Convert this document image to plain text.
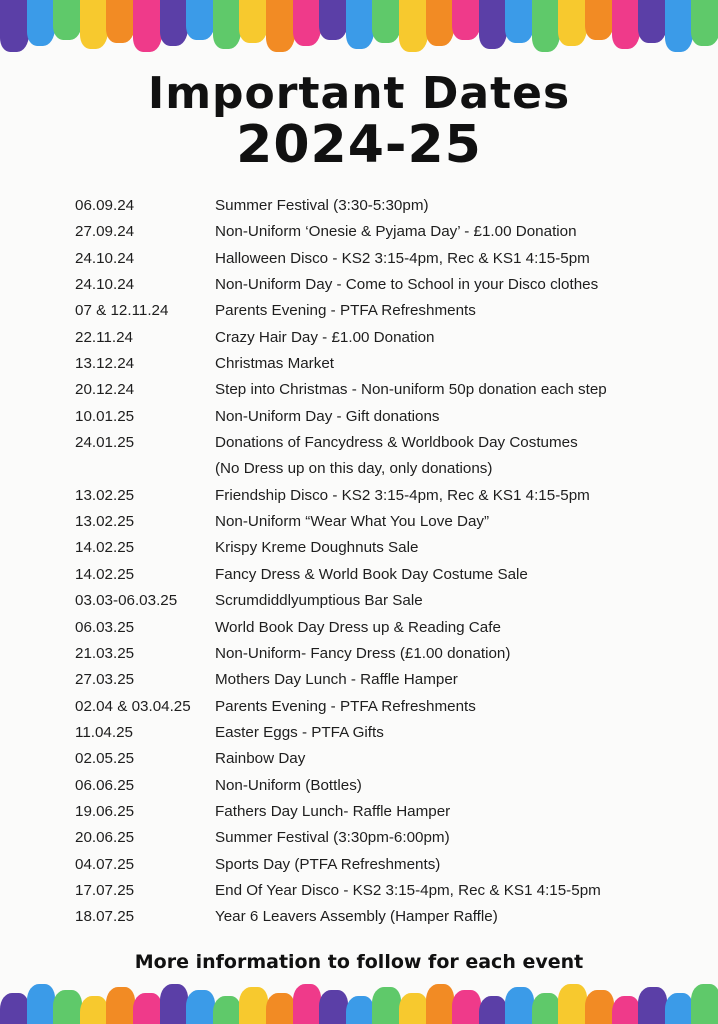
Important Dates
2024-25
06.09.24	Summer Festival (3:30-5:30pm)
27.09.24	Non-Uniform ‘Onesie & Pyjama Day’ - £1.00 Donation
24.10.24	Halloween Disco - KS2 3:15-4pm, Rec & KS1 4:15-5pm
24.10.24	Non-Uniform Day - Come to School in your Disco clothes
07 & 12.11.24	Parents Evening - PTFA Refreshments
22.11.24	Crazy Hair Day - £1.00 Donation
13.12.24	Christmas Market
20.12.24	Step into Christmas - Non-uniform 50p donation each step
10.01.25	Non-Uniform Day - Gift donations
24.01.25	Donations of Fancydress & Worldbook Day Costumes
(No Dress up on this day, only donations)
13.02.25	Friendship Disco - KS2 3:15-4pm, Rec & KS1 4:15-5pm
13.02.25	Non-Uniform “Wear What You Love Day”
14.02.25	Krispy Kreme Doughnuts Sale
14.02.25	Fancy Dress & World Book Day Costume Sale
03.03-06.03.25	Scrumdiddlyumptious Bar Sale
06.03.25	World Book Day Dress up & Reading Cafe
21.03.25	Non-Uniform- Fancy Dress (£1.00 donation)
27.03.25	Mothers Day Lunch - Raffle Hamper
02.04 & 03.04.25	Parents Evening - PTFA Refreshments
11.04.25	Easter Eggs - PTFA Gifts
02.05.25	Rainbow Day
06.06.25	Non-Uniform (Bottles)
19.06.25	Fathers Day Lunch- Raffle Hamper
20.06.25	Summer Festival (3:30pm-6:00pm)
04.07.25	Sports Day (PTFA Refreshments)
17.07.25	End Of Year Disco - KS2 3:15-4pm, Rec & KS1 4:15-5pm
18.07.25	Year 6 Leavers Assembly (Hamper Raffle)

More information to follow for each event
